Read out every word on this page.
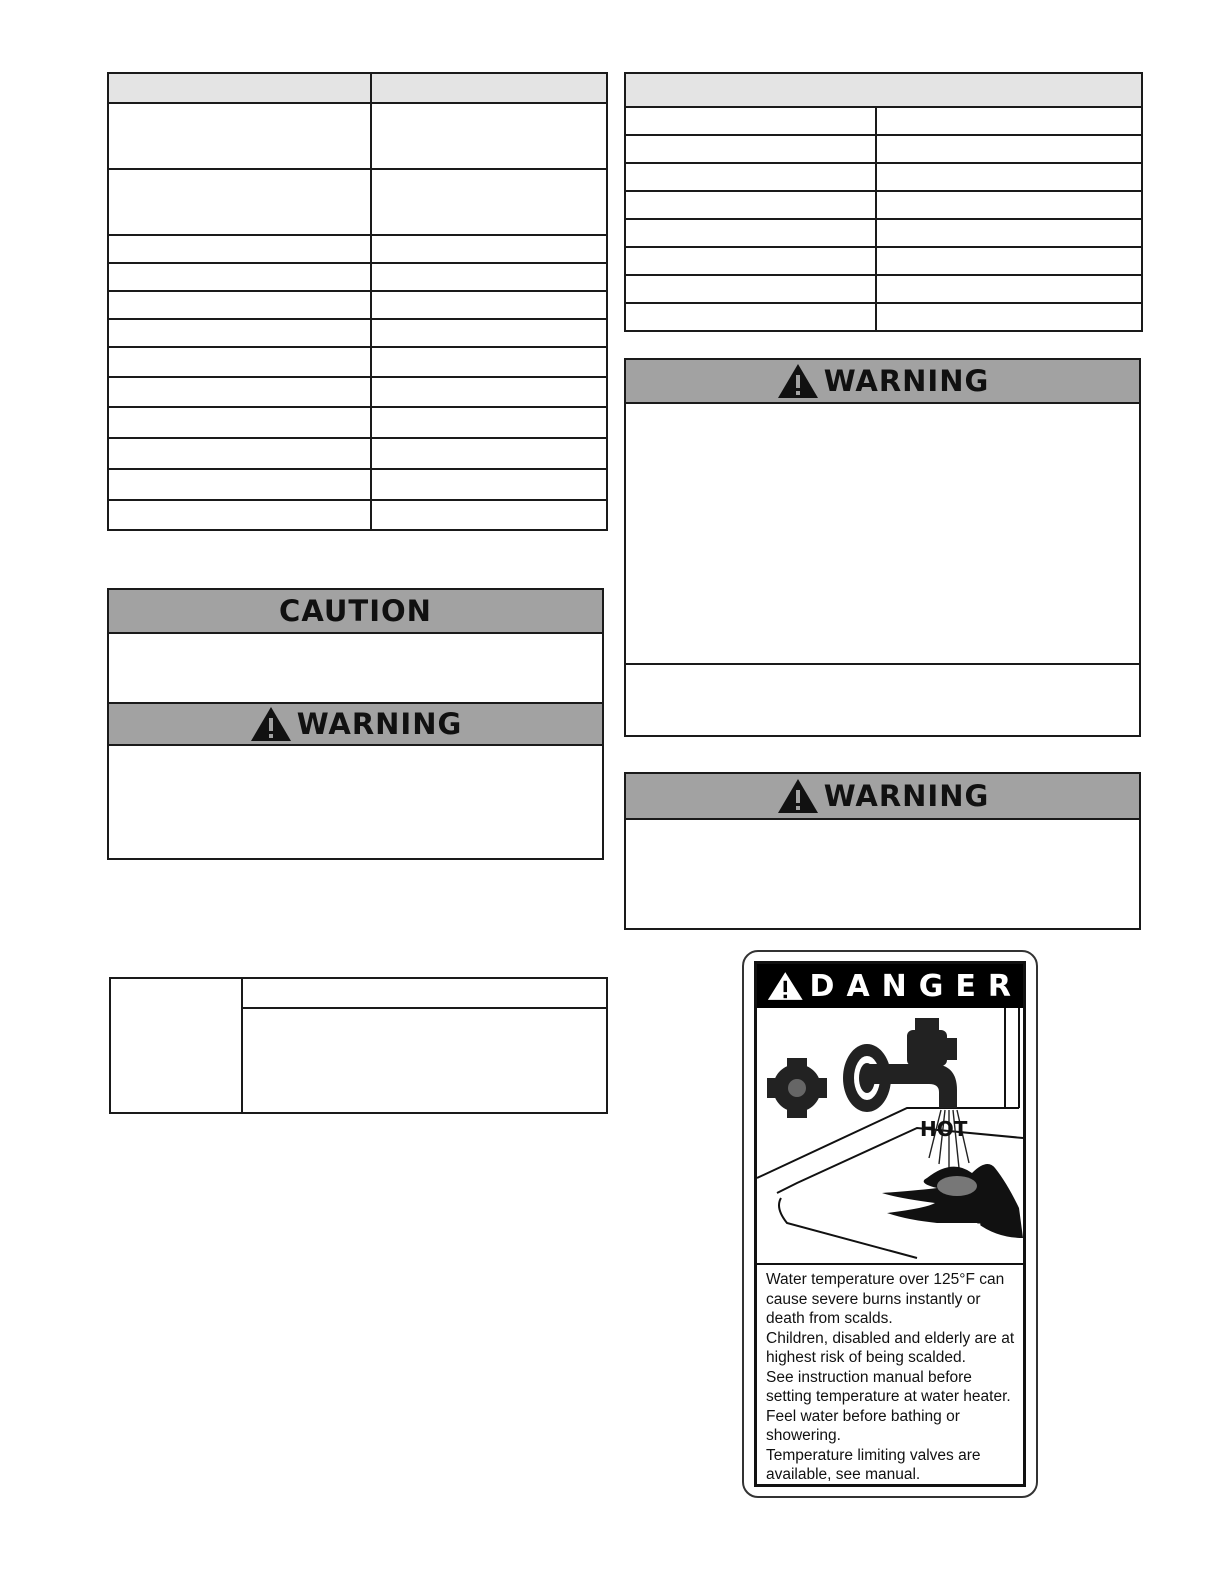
CAUTION
WARNING
WARNING
WARNING
DANGER
HOT
BURN

Water temperature over 125°F can

cause severe burns instantly or

death from scalds.

Children, disabled and elderly are at

highest risk of being scalded.

See instruction manual before

setting temperature at water heater.

Feel water before bathing or

showering.

Temperature limiting valves are

available, see manual.
